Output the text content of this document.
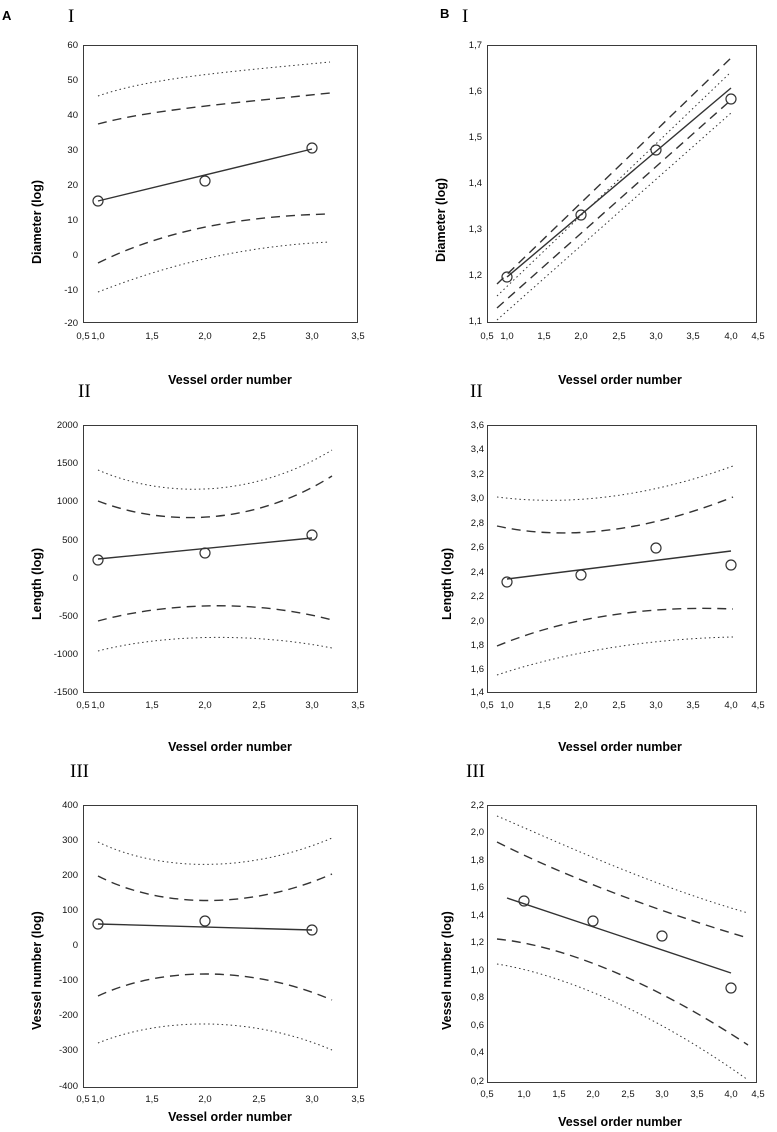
A	B
I	I
II	II
III	III
Diameter (log)
Vessel order number
60
50
40
30
20
10
0
-10
-20
0,5 1,0	1,5	2,0	2,5	3,0	3,5
Diameter (log)
Vessel order number
1,7
1,6
1,5
1,4
1,3
1,2
1,1
0,5 1,0	1,5	2,0	2,5	3,0	3,5	4,0	4,5
Length (log)
Vessel order number
2000
1500
1000
500
0
-500
-1000
-1500
0,5 1,0	1,5	2,0	2,5	3,0	3,5
Length (log)
Vessel order number
3,6
3,4
3,2
3,0
2,8
2,6
2,4
2,2
2,0
1,8
1,6
1,4
0,5 1,0	1,5	2,0	2,5	3,0	3,5	4,0	4,5
Vessel number (log)
Vessel order number
400
300
200
100
0
-100
-200
-300
-400
0,5 1,0	1,5	2,0	2,5	3,0	3,5
Vessel number (log)
Vessel order number
2,2
2,0
1,8
1,6
1,4
1,2
1,0
0,8
0,6
0,4
0,2
0,5	1,0	1,5	2,0	2,5	3,0	3,5	4,0	4,5
